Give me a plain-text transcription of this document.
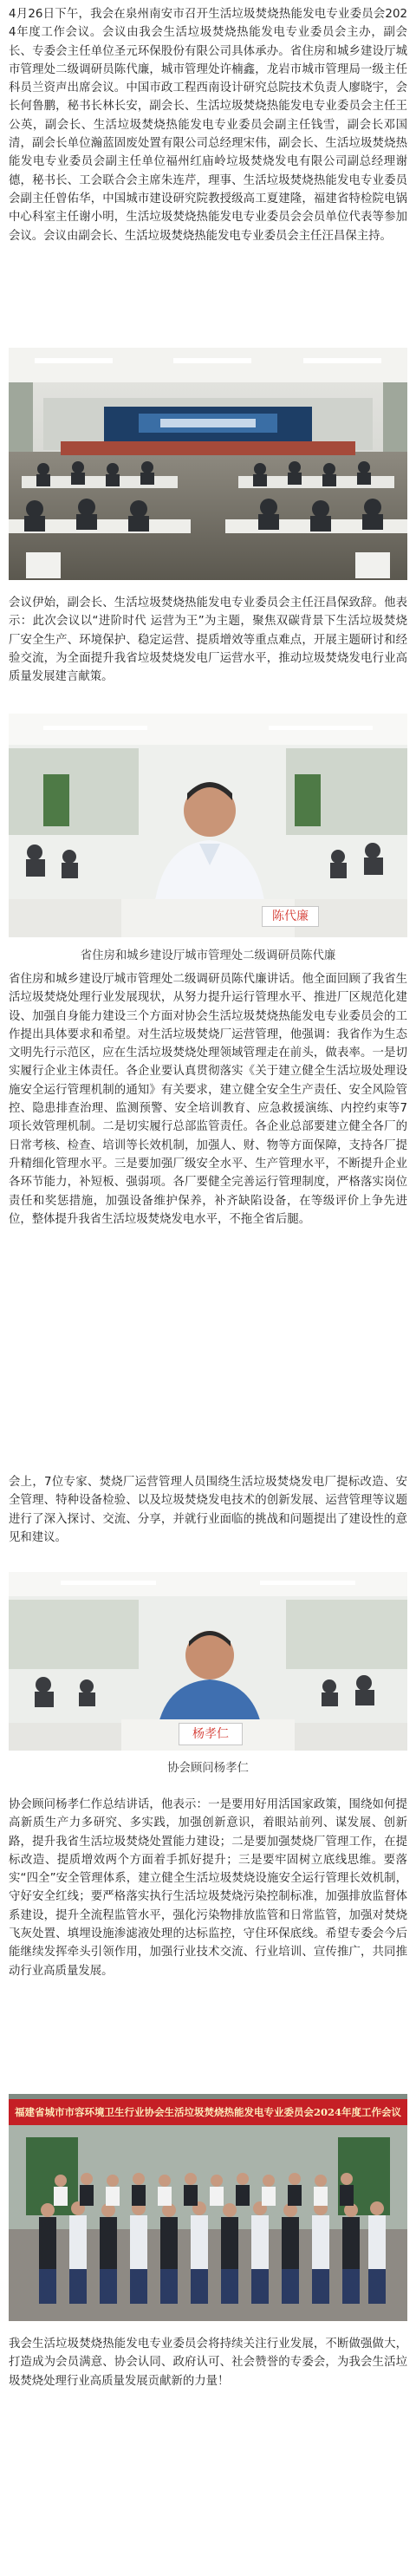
4月26日下午，我会在泉州南安市召开生活垃圾焚烧热能发电专业委员会2024年度工作会议。会议由我会生活垃圾焚烧热能发电专业委员会主办，副会长、专委会主任单位圣元环保股份有限公司具体承办。省住房和城乡建设厅城市管理处二级调研员陈代廉，城市管理处许楠鑫，龙岩市城市管理局一级主任科员兰资声出席会议。中国市政工程西南设计研究总院技术负责人廖晓宇，会长何鲁鹏，秘书长林长安，副会长、生活垃圾焚烧热能发电专业委员会主任王公英，副会长、生活垃圾焚烧热能发电专业委员会副主任钱雪，副会长邓国清，副会长单位瀚蓝固废处置有限公司总经理宋伟，副会长、生活垃圾焚烧热能发电专业委员会副主任单位福州红庙岭垃圾焚烧发电有限公司副总经理谢德，秘书长、工会联合会主席朱连芹，理事、生活垃圾焚烧热能发电专业委员会副主任曾佑华，中国城市建设研究院教授级高工夏建隆，福建省特检院电锅中心科室主任谢小明，生活垃圾焚烧热能发电专业委员会会员单位代表等参加会议。会议由副会长、生活垃圾焚烧热能发电专业委员会主任汪昌保主持。

会议伊始，副会长、生活垃圾焚烧热能发电专业委员会主任汪昌保致辞。他表示：此次会议以“进阶时代 运营为王”为主题，聚焦双碳背景下生活垃圾焚烧厂安全生产、环境保护、稳定运营、提质增效等重点难点，开展主题研讨和经验交流，为全面提升我省垃圾焚烧发电厂运营水平，推动垃圾焚烧发电行业高质量发展建言献策。

陈代廉

省住房和城乡建设厅城市管理处二级调研员陈代廉

省住房和城乡建设厅城市管理处二级调研员陈代廉讲话。他全面回顾了我省生活垃圾焚烧处理行业发展现状，从努力提升运行管理水平、推进厂区规范化建设、加强自身能力建设三个方面对协会生活垃圾焚烧热能发电专业委员会的工作提出具体要求和希望。对生活垃圾焚烧厂运营管理，他强调：我省作为生态文明先行示范区，应在生活垃圾焚烧处理领域管理走在前头，做表率。一是切实履行企业主体责任。各企业要认真贯彻落实《关于建立健全生活垃圾处理设施安全运行管理机制的通知》有关要求，建立健全安全生产责任、安全风险管控、隐患排查治理、监测预警、安全培训教育、应急救援演练、内控约束等7项长效管理机制。二是切实履行总部监管责任。各企业总部要建立健全各厂的日常考核、检查、培训等长效机制，加强人、财、物等方面保障，支持各厂提升精细化管理水平。三是要加强厂级安全水平、生产管理水平，不断提升企业各环节能力，补短板、强弱项。各厂要健全完善运行管理制度，严格落实岗位责任和奖惩措施，加强设备维护保养，补齐缺陷设备，在等级评价上争先进位，整体提升我省生活垃圾焚烧发电水平，不拖全省后腿。

会上，7位专家、焚烧厂运营管理人员围绕生活垃圾焚烧发电厂提标改造、安全管理、特种设备检验、以及垃圾焚烧发电技术的创新发展、运营管理等议题进行了深入探讨、交流、分享，并就行业面临的挑战和问题提出了建设性的意见和建议。

杨孝仁

协会顾问杨孝仁

协会顾问杨孝仁作总结讲话，他表示：一是要用好用活国家政策，围绕如何提高新质生产力多研究、多实践，加强创新意识，着眼站前列、谋发展、创新路，提升我省生活垃圾焚烧处置能力建设；二是要加强焚烧厂管理工作，在提标改造、提质增效两个方面着手抓好提升；三是要牢固树立底线思维。要落实“四全”安全管理体系，建立健全生活垃圾焚烧设施安全运行管理长效机制，守好安全红线；要严格落实执行生活垃圾焚烧污染控制标准，加强排放监督体系建设，提升全流程监管水平，强化污染物排放监管和日常监管，加强对焚烧飞灰处置、填埋设施渗滤液处理的达标监控，守住环保底线。希望专委会今后能继续发挥牵头引领作用，加强行业技术交流、行业培训、宣传推广，共同推动行业高质量发展。

福建省城市市容环境卫生行业协会生活垃圾焚烧热能发电专业委员会2024年度工作会议

我会生活垃圾焚烧热能发电专业委员会将持续关注行业发展，不断做强做大，打造成为会员满意、协会认同、政府认可、社会赞誉的专委会，为我会生活垃圾焚烧处理行业高质量发展贡献新的力量！
